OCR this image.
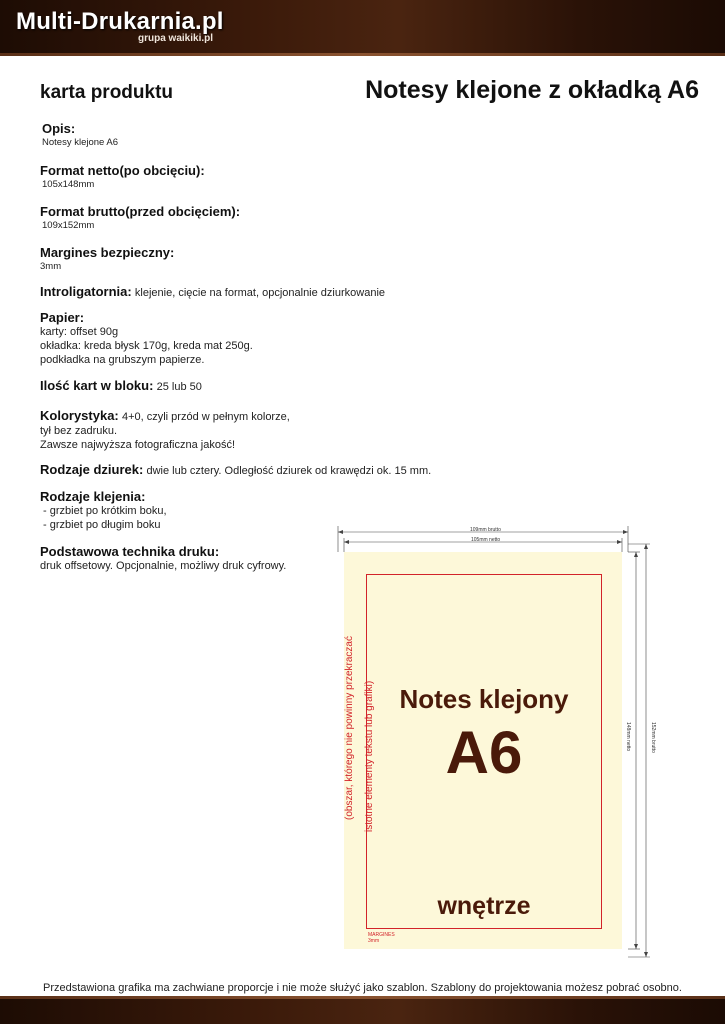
Multi-Drukarnia.pl
grupa waikiki.pl
karta produktu	Notesy klejone z okładką A6
Opis:
Notesy klejone A6
Format netto(po obcięciu):
105x148mm
Format brutto(przed obcięciem):
109x152mm
Margines bezpieczny:
3mm
Introligatornia: klejenie, cięcie na format, opcjonalnie dziurkowanie
Papier:
karty: offset 90g
okładka: kreda błysk 170g, kreda mat 250g.
podkładka na grubszym papierze.
Ilość kart w bloku: 25 lub 50
Kolorystyka: 4+0, czyli przód w pełnym kolorze,
tył bez zadruku.
Zawsze najwyższa fotograficzna jakość!
Rodzaje dziurek: dwie lub cztery. Odległość dziurek od krawędzi ok. 15 mm.
Rodzaje klejenia:
- grzbiet po krótkim boku,
- grzbiet po długim boku
Podstawowa technika druku:
druk offsetowy. Opcjonalnie, możliwy druk cyfrowy.
109mm brutto
105mm netto
148mm netto	152mm brutto
(obszar, którego nie powinny przekraczać istotne elementy tekstu lub grafiki) Notes klejony
A6
wnętrze
MARGINES
3mm
Przedstawiona grafika ma zachwiane proporcje i nie może służyć jako szablon. Szablony do projektowania możesz pobrać osobno.
